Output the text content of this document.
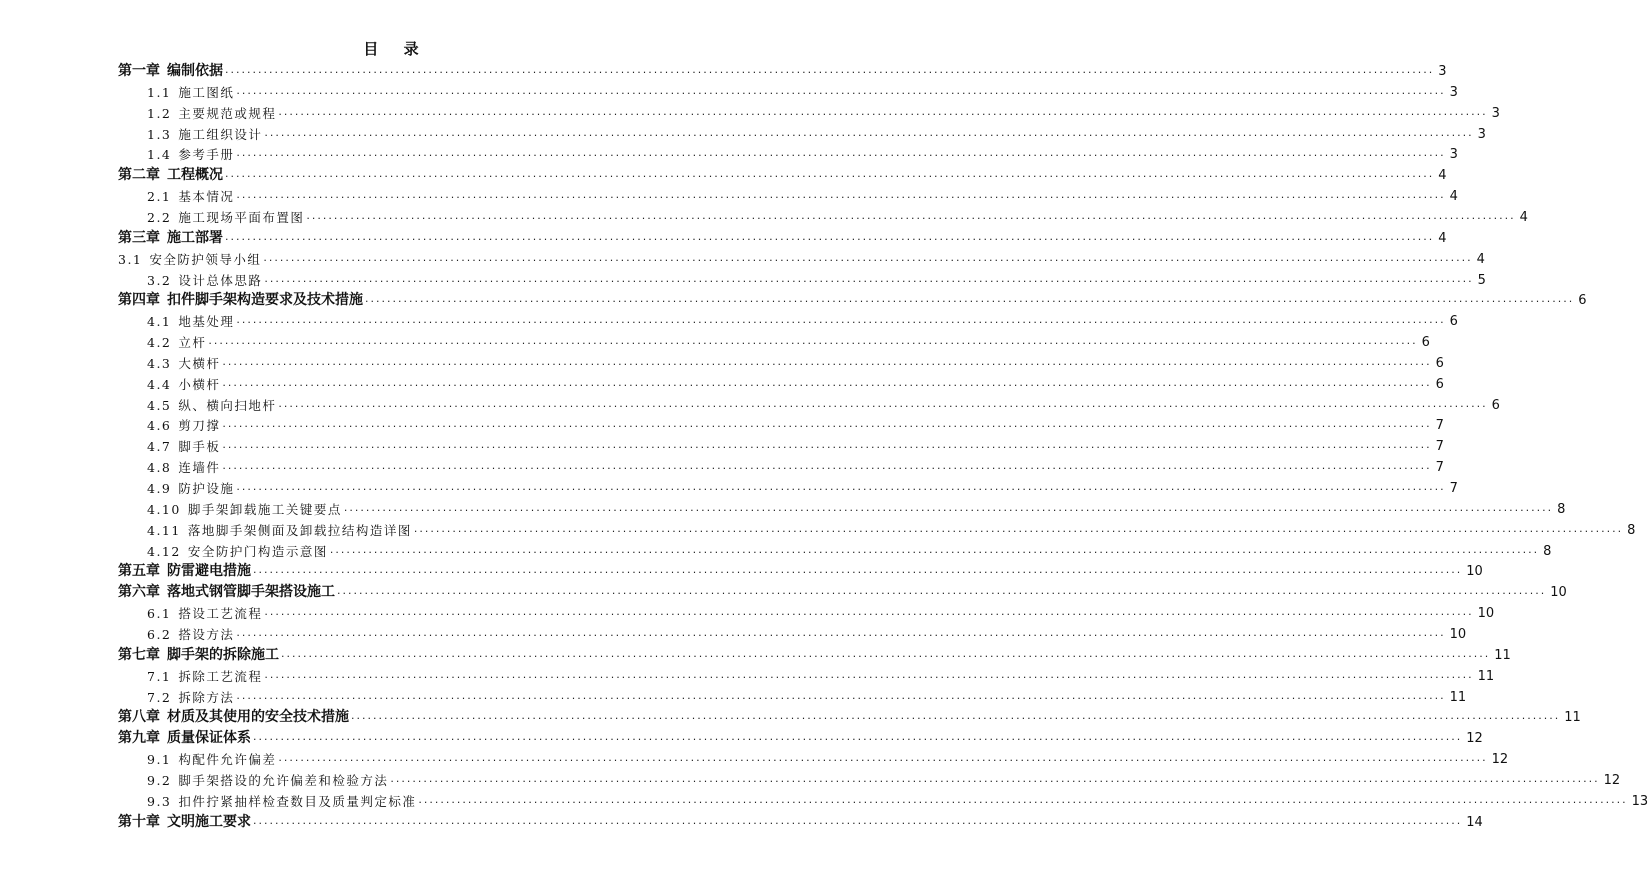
目 录
第一章 编制依据 ............................................................................................................................................................................................................................ 3
1.1 施工图纸 ............................................................................................................................................................................................................................ 3
1.2 主要规范或规程 ............................................................................................................................................................................................................................ 3
1.3 施工组织设计 ............................................................................................................................................................................................................................ 3
1.4 参考手册 ............................................................................................................................................................................................................................ 3
第二章 工程概况 ............................................................................................................................................................................................................................ 4
2.1 基本情况 ............................................................................................................................................................................................................................ 4
2.2 施工现场平面布置图 ............................................................................................................................................................................................................................ 4
第三章 施工部署 ............................................................................................................................................................................................................................ 4
3.1 安全防护领导小组 ............................................................................................................................................................................................................................ 4
3.2 设计总体思路 ............................................................................................................................................................................................................................ 5
第四章 扣件脚手架构造要求及技术措施 ............................................................................................................................................................................................................................ 6
4.1 地基处理 ............................................................................................................................................................................................................................ 6
4.2 立杆 ............................................................................................................................................................................................................................ 6
4.3 大横杆 ............................................................................................................................................................................................................................ 6
4.4 小横杆 ............................................................................................................................................................................................................................ 6
4.5 纵、横向扫地杆 ............................................................................................................................................................................................................................ 6
4.6 剪刀撑 ............................................................................................................................................................................................................................ 7
4.7 脚手板 ............................................................................................................................................................................................................................ 7
4.8 连墙件 ............................................................................................................................................................................................................................ 7
4.9 防护设施 ............................................................................................................................................................................................................................ 7
4.10 脚手架卸载施工关键要点 ............................................................................................................................................................................................................................ 8
4.11 落地脚手架侧面及卸载拉结构造详图 ............................................................................................................................................................................................................................ 8
4.12 安全防护门构造示意图 ............................................................................................................................................................................................................................ 8
第五章 防雷避电措施 ............................................................................................................................................................................................................................ 10
第六章 落地式钢管脚手架搭设施工 ............................................................................................................................................................................................................................ 10
6.1 搭设工艺流程 ............................................................................................................................................................................................................................ 10
6.2 搭设方法 ............................................................................................................................................................................................................................ 10
第七章 脚手架的拆除施工 ............................................................................................................................................................................................................................ 11
7.1 拆除工艺流程 ............................................................................................................................................................................................................................ 11
7.2 拆除方法 ............................................................................................................................................................................................................................ 11
第八章 材质及其使用的安全技术措施 ............................................................................................................................................................................................................................ 11
第九章 质量保证体系 ............................................................................................................................................................................................................................ 12
9.1 构配件允许偏差 ............................................................................................................................................................................................................................ 12
9.2 脚手架搭设的允许偏差和检验方法 ............................................................................................................................................................................................................................ 12
9.3 扣件拧紧抽样检查数目及质量判定标准 ............................................................................................................................................................................................................................ 13
第十章 文明施工要求 ............................................................................................................................................................................................................................ 14
